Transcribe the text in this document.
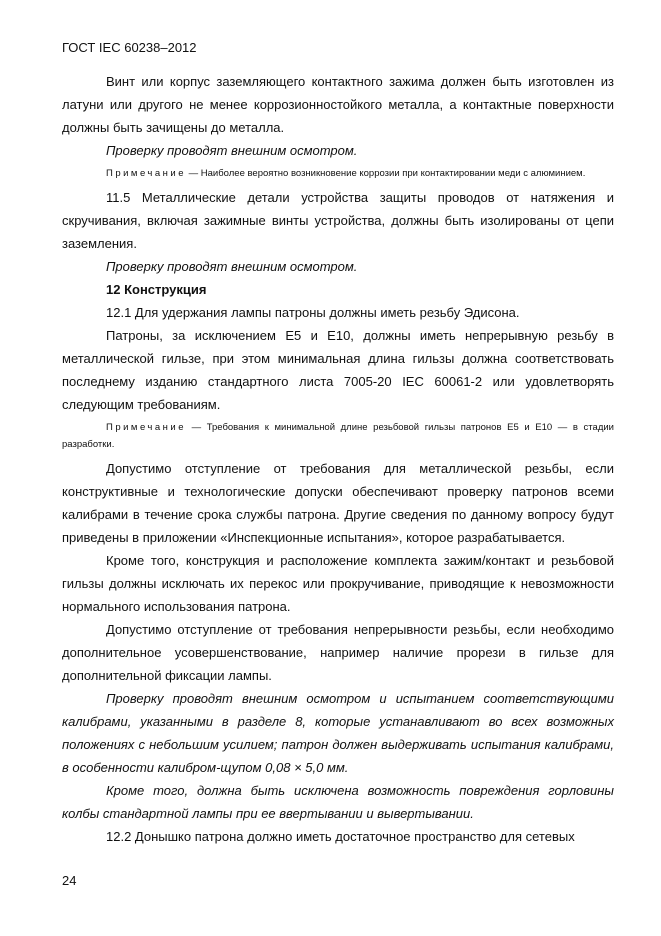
ГОСТ IEC 60238–2012

Винт или корпус заземляющего контактного зажима должен быть изготовлен из латуни или другого не менее коррозионностойкого металла, а контактные поверхности должны быть зачищены до металла.

Проверку проводят внешним осмотром.

Примечание — Наиболее вероятно возникновение коррозии при контактировании меди с алюминием.

11.5 Металлические детали устройства защиты проводов от натяжения и скручивания, включая зажимные винты устройства, должны быть изолированы от цепи заземления.

Проверку проводят внешним осмотром.

12 Конструкция

12.1 Для удержания лампы патроны должны иметь резьбу Эдисона.

Патроны, за исключением Е5 и Е10, должны иметь непрерывную резьбу в металлической гильзе, при этом минимальная длина гильзы должна соответствовать последнему изданию стандартного листа 7005-20 IEC 60061-2 или удовлетворять следующим требованиям.

Примечание — Требования к минимальной длине резьбовой гильзы патронов Е5 и Е10 — в стадии разработки.

Допустимо отступление от требования для металлической резьбы, если конструктивные и технологические допуски обеспечивают проверку патронов всеми калибрами в течение срока службы патрона. Другие сведения по данному вопросу будут приведены в приложении «Инспекционные испытания», которое разрабатывается.

Кроме того, конструкция и расположение комплекта зажим/контакт и резьбовой гильзы должны исключать их перекос или прокручивание, приводящие к невозможности нормального использования патрона.

Допустимо отступление от требования непрерывности резьбы, если необходимо дополнительное усовершенствование, например наличие прорези в гильзе для дополнительной фиксации лампы.

Проверку проводят внешним осмотром и испытанием соответствующими калибрами, указанными в разделе 8, которые устанавливают во всех возможных положениях с небольшим усилием; патрон должен выдерживать испытания калибрами, в особенности калибром-щупом 0,08 × 5,0 мм.

Кроме того, должна быть исключена возможность повреждения горловины колбы стандартной лампы при ее ввертывании и вывертывании.

12.2 Донышко патрона должно иметь достаточное пространство для сетевых

24
